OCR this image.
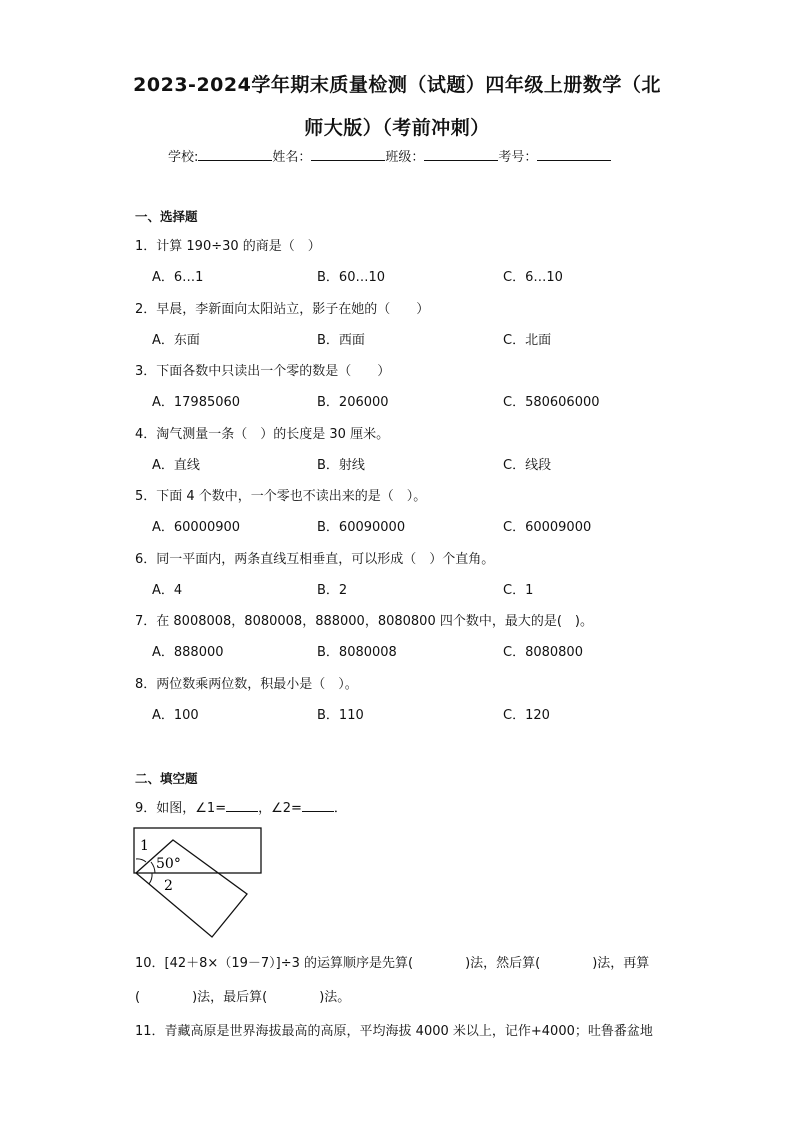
2023-2024学年期末质量检测（试题）四年级上册数学（北
师大版）（考前冲刺）
学校:	姓名：	班级：	考号：
一、选择题
1．计算 190÷30 的商是（　）
A．6…1	B．60…10	C．6…10
2．早晨，李新面向太阳站立，影子在她的（　　）
A．东面	B．西面	C．北面
3．下面各数中只读出一个零的数是（　　）
A．17985060	B．206000	C．580606000
4．淘气测量一条（　）的长度是 30 厘米。
A．直线	B．射线	C．线段
5．下面 4 个数中，一个零也不读出来的是（　）。
A．60000900	B．60090000	C．60009000
6．同一平面内，两条直线互相垂直，可以形成（　）个直角。
A．4	B．2	C．1
7．在 8008008，8080008，888000，8080800 四个数中，最大的是(　)。
A．888000	B．8080008	C．8080800
8．两位数乘两位数，积最小是（　）。
A．100	B．110	C．120
二、填空题
9．如图，∠1= ，∠2= ．
1
50°
2
10．[42＋8×（19－7）]÷3 的运算顺序是先算(　　　　)法，然后算(　　　　)法，再算
(　　　　)法，最后算(　　　　)法。
11．青藏高原是世界海拔最高的高原，平均海拔 4000 米以上，记作+4000；吐鲁番盆地
